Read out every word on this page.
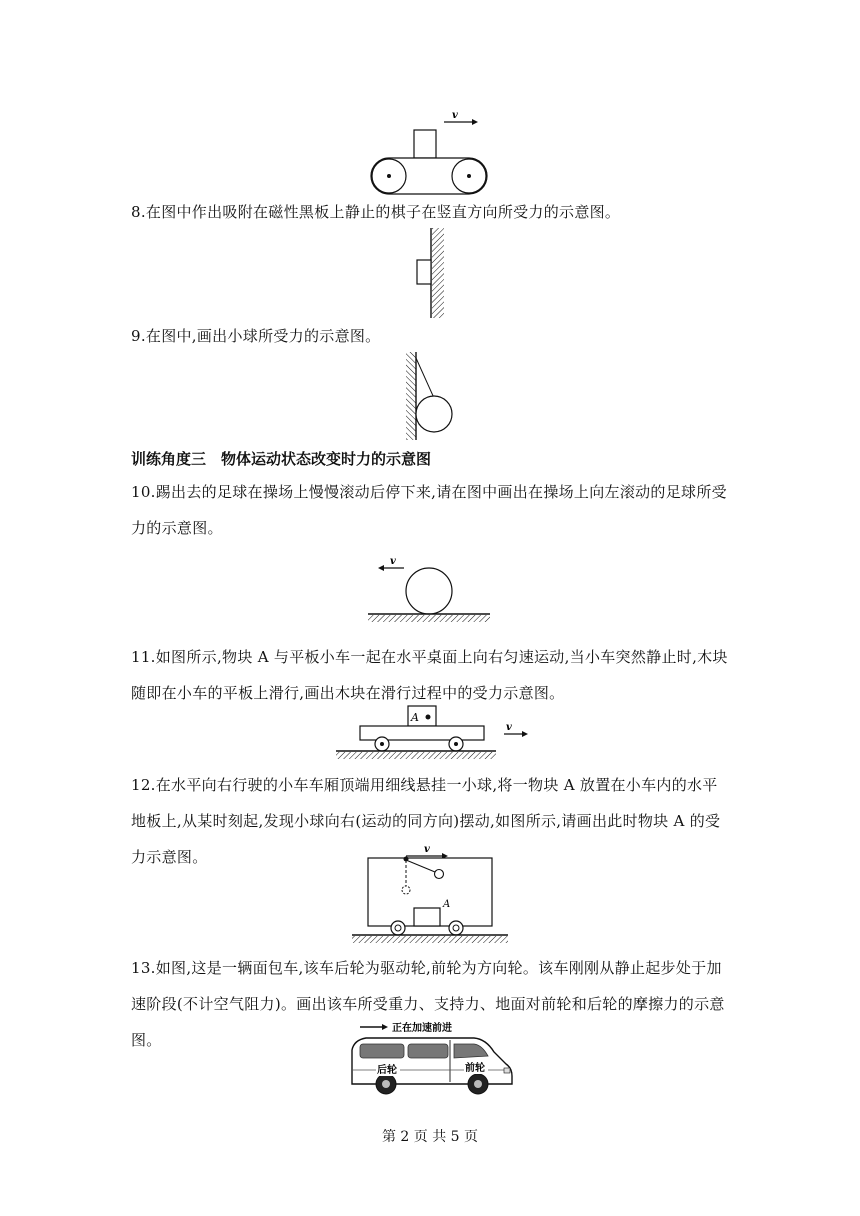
v
8.在图中作出吸附在磁性黑板上静止的棋子在竖直方向所受力的示意图。
9.在图中,画出小球所受力的示意图。
训练角度三　物体运动状态改变时力的示意图
10.踢出去的足球在操场上慢慢滚动后停下来,请在图中画出在操场上向左滚动的足球所受力的示意图。
v
11.如图所示,物块 A 与平板小车一起在水平桌面上向右匀速运动,当小车突然静止时,木块随即在小车的平板上滑行,画出木块在滑行过程中的受力示意图。
A
v
12.在水平向右行驶的小车车厢顶端用细线悬挂一小球,将一物块 A 放置在小车内的水平地板上,从某时刻起,发现小球向右(运动的同方向)摆动,如图所示,请画出此时物块 A 的受力示意图。	v
A
13.如图,这是一辆面包车,该车后轮为驱动轮,前轮为方向轮。该车刚刚从静止起步处于加速阶段(不计空气阻力)。画出该车所受重力、支持力、地面对前轮和后轮的摩擦力的示意图。
正在加速前进
后轮	前轮
第 2 页 共 5 页
